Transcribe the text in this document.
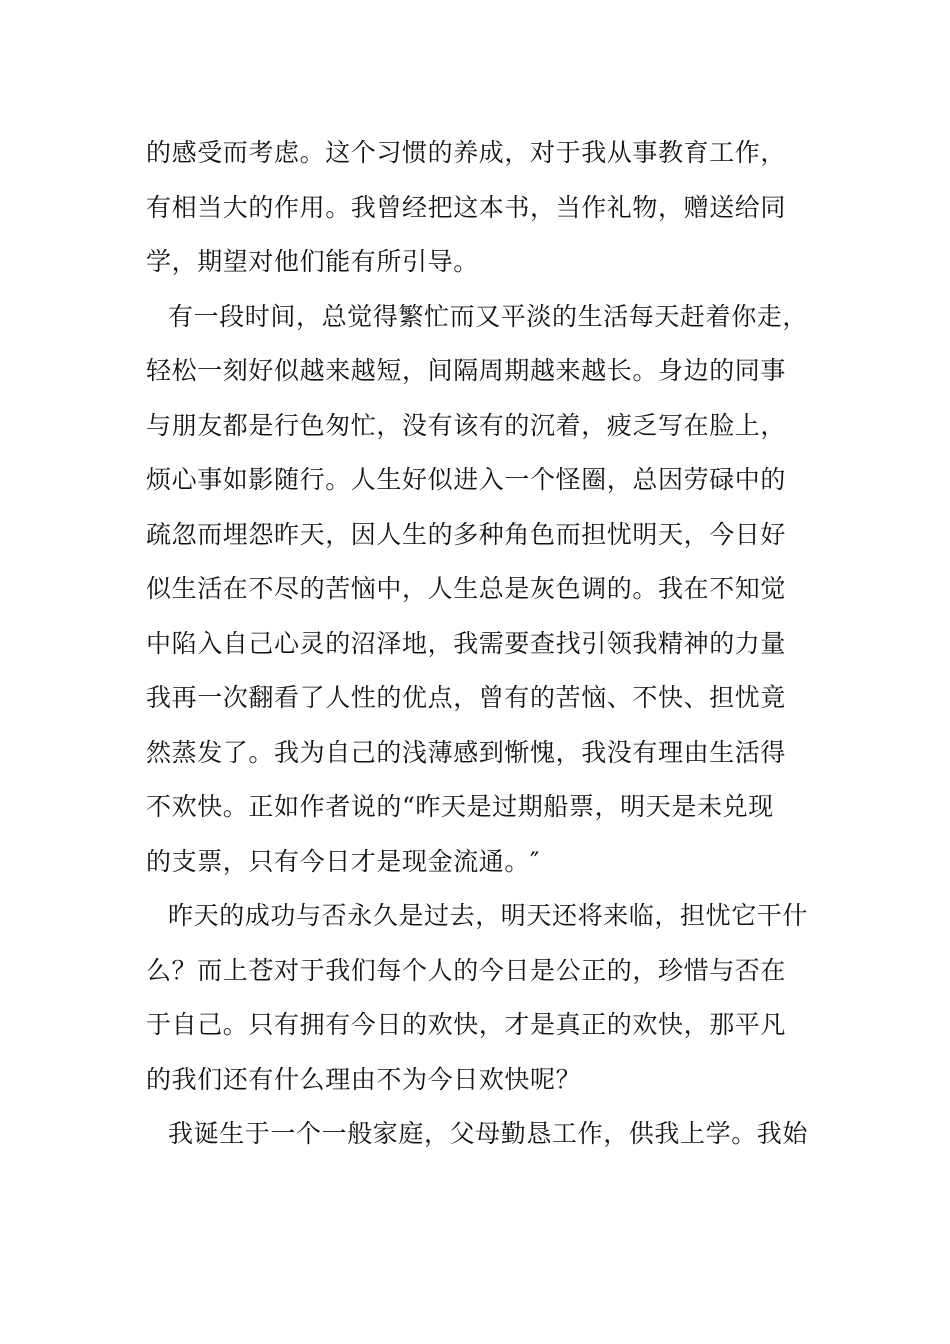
的感受而考虑。这个习惯的养成，对于我从事教育工作，
有相当大的作用。我曾经把这本书，当作礼物，赠送给同
学，期望对他们能有所引导。
有一段时间，总觉得繁忙而又平淡的生活每天赶着你走，
轻松一刻好似越来越短，间隔周期越来越长。身边的同事
与朋友都是行色匆忙，没有该有的沉着，疲乏写在脸上，
烦心事如影随行。人生好似进入一个怪圈，总因劳碌中的
疏忽而埋怨昨天，因人生的多种角色而担忧明天，今日好
似生活在不尽的苦恼中，人生总是灰色调的。我在不知觉
中陷入自己心灵的沼泽地，我需要查找引领我精神的力量
我再一次翻看了人性的优点，曾有的苦恼、不快、担忧竟
然蒸发了。我为自己的浅薄感到惭愧，我没有理由生活得
不欢快。正如作者说的“昨天是过期船票，明天是未兑现
的支票，只有今日才是现金流通。″
昨天的成功与否永久是过去，明天还将来临，担忧它干什
么？而上苍对于我们每个人的今日是公正的，珍惜与否在
于自己。只有拥有今日的欢快，才是真正的欢快，那平凡
的我们还有什么理由不为今日欢快呢？
我诞生于一个一般家庭，父母勤恳工作，供我上学。我始
